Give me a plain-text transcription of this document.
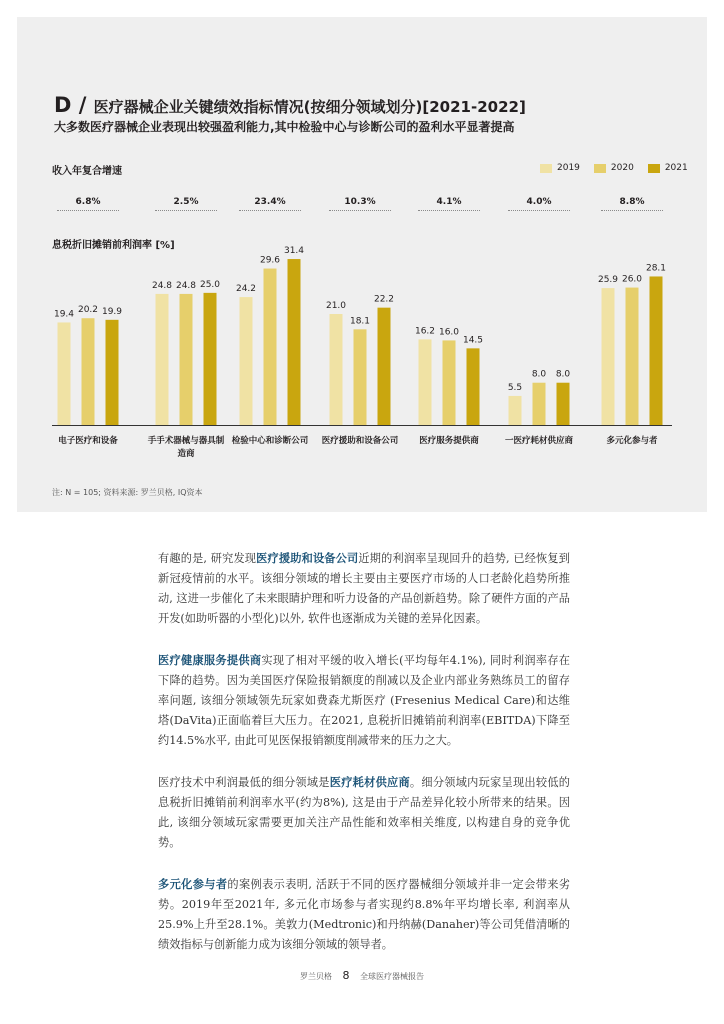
D / 医疗器械企业关键绩效指标情况(按细分领域划分)[2021-2022]
大多数医疗器械企业表现出较强盈利能力,其中检验中心与诊断公司的盈利水平显著提高
收入年复合增速	2019	2020	2021
6.8%	2.5%	23.4%	10.3%	4.1%	4.0%	8.8%
息税折旧摊销前利润率 [%]
19.4 20.2 19.9
电子医疗和设备
24.8 24.8 25.0
手手术器械与器具制
造商
24.2
29.6
31.4
检验中心和诊断公司
21.0
18.1
22.2
医疗援助和设备公司
16.2 16.0
14.5
医疗服务提供商
5.5
8.0 8.0
一医疗耗材供应商
25.9 26.0
28.1
多元化参与者
注: N = 105; 资料来源: 罗兰贝格, IQ资本

有趣的是, 研究发现医疗援助和设备公司近期的利润率呈现回升的趋势, 已经恢复到新冠疫情前的水平。该细分领域的增长主要由主要医疗市场的人口老龄化趋势所推动, 这进一步催化了未来眼睛护理和听力设备的产品创新趋势。除了硬件方面的产品开发(如助听器的小型化)以外, 软件也逐渐成为关键的差异化因素。

医疗健康服务提供商实现了相对平缓的收入增长(平均每年4.1%), 同时利润率存在下降的趋势。因为美国医疗保险报销额度的削减以及企业内部业务熟练员工的留存率问题, 该细分领域领先玩家如费森尤斯医疗 (Fresenius Medical Care)和达维塔(DaVita)正面临着巨大压力。在2021, 息税折旧摊销前利润率(EBITDA)下降至约14.5%水平, 由此可见医保报销额度削减带来的压力之大。

医疗技术中利润最低的细分领域是医疗耗材供应商。细分领域内玩家呈现出较低的息税折旧摊销前利润率水平(约为8%), 这是由于产品差异化较小所带来的结果。因此, 该细分领域玩家需要更加关注产品性能和效率相关维度, 以构建自身的竞争优势。

多元化参与者的案例表示表明, 活跃于不同的医疗器械细分领域并非一定会带来劣势。2019年至2021年, 多元化市场参与者实现约8.8%年平均增长率, 利润率从25.9%上升至28.1%。美敦力(Medtronic)和丹纳赫(Danaher)等公司凭借清晰的绩效指标与创新能力成为该细分领域的领导者。

罗兰贝格 8 全球医疗器械报告
